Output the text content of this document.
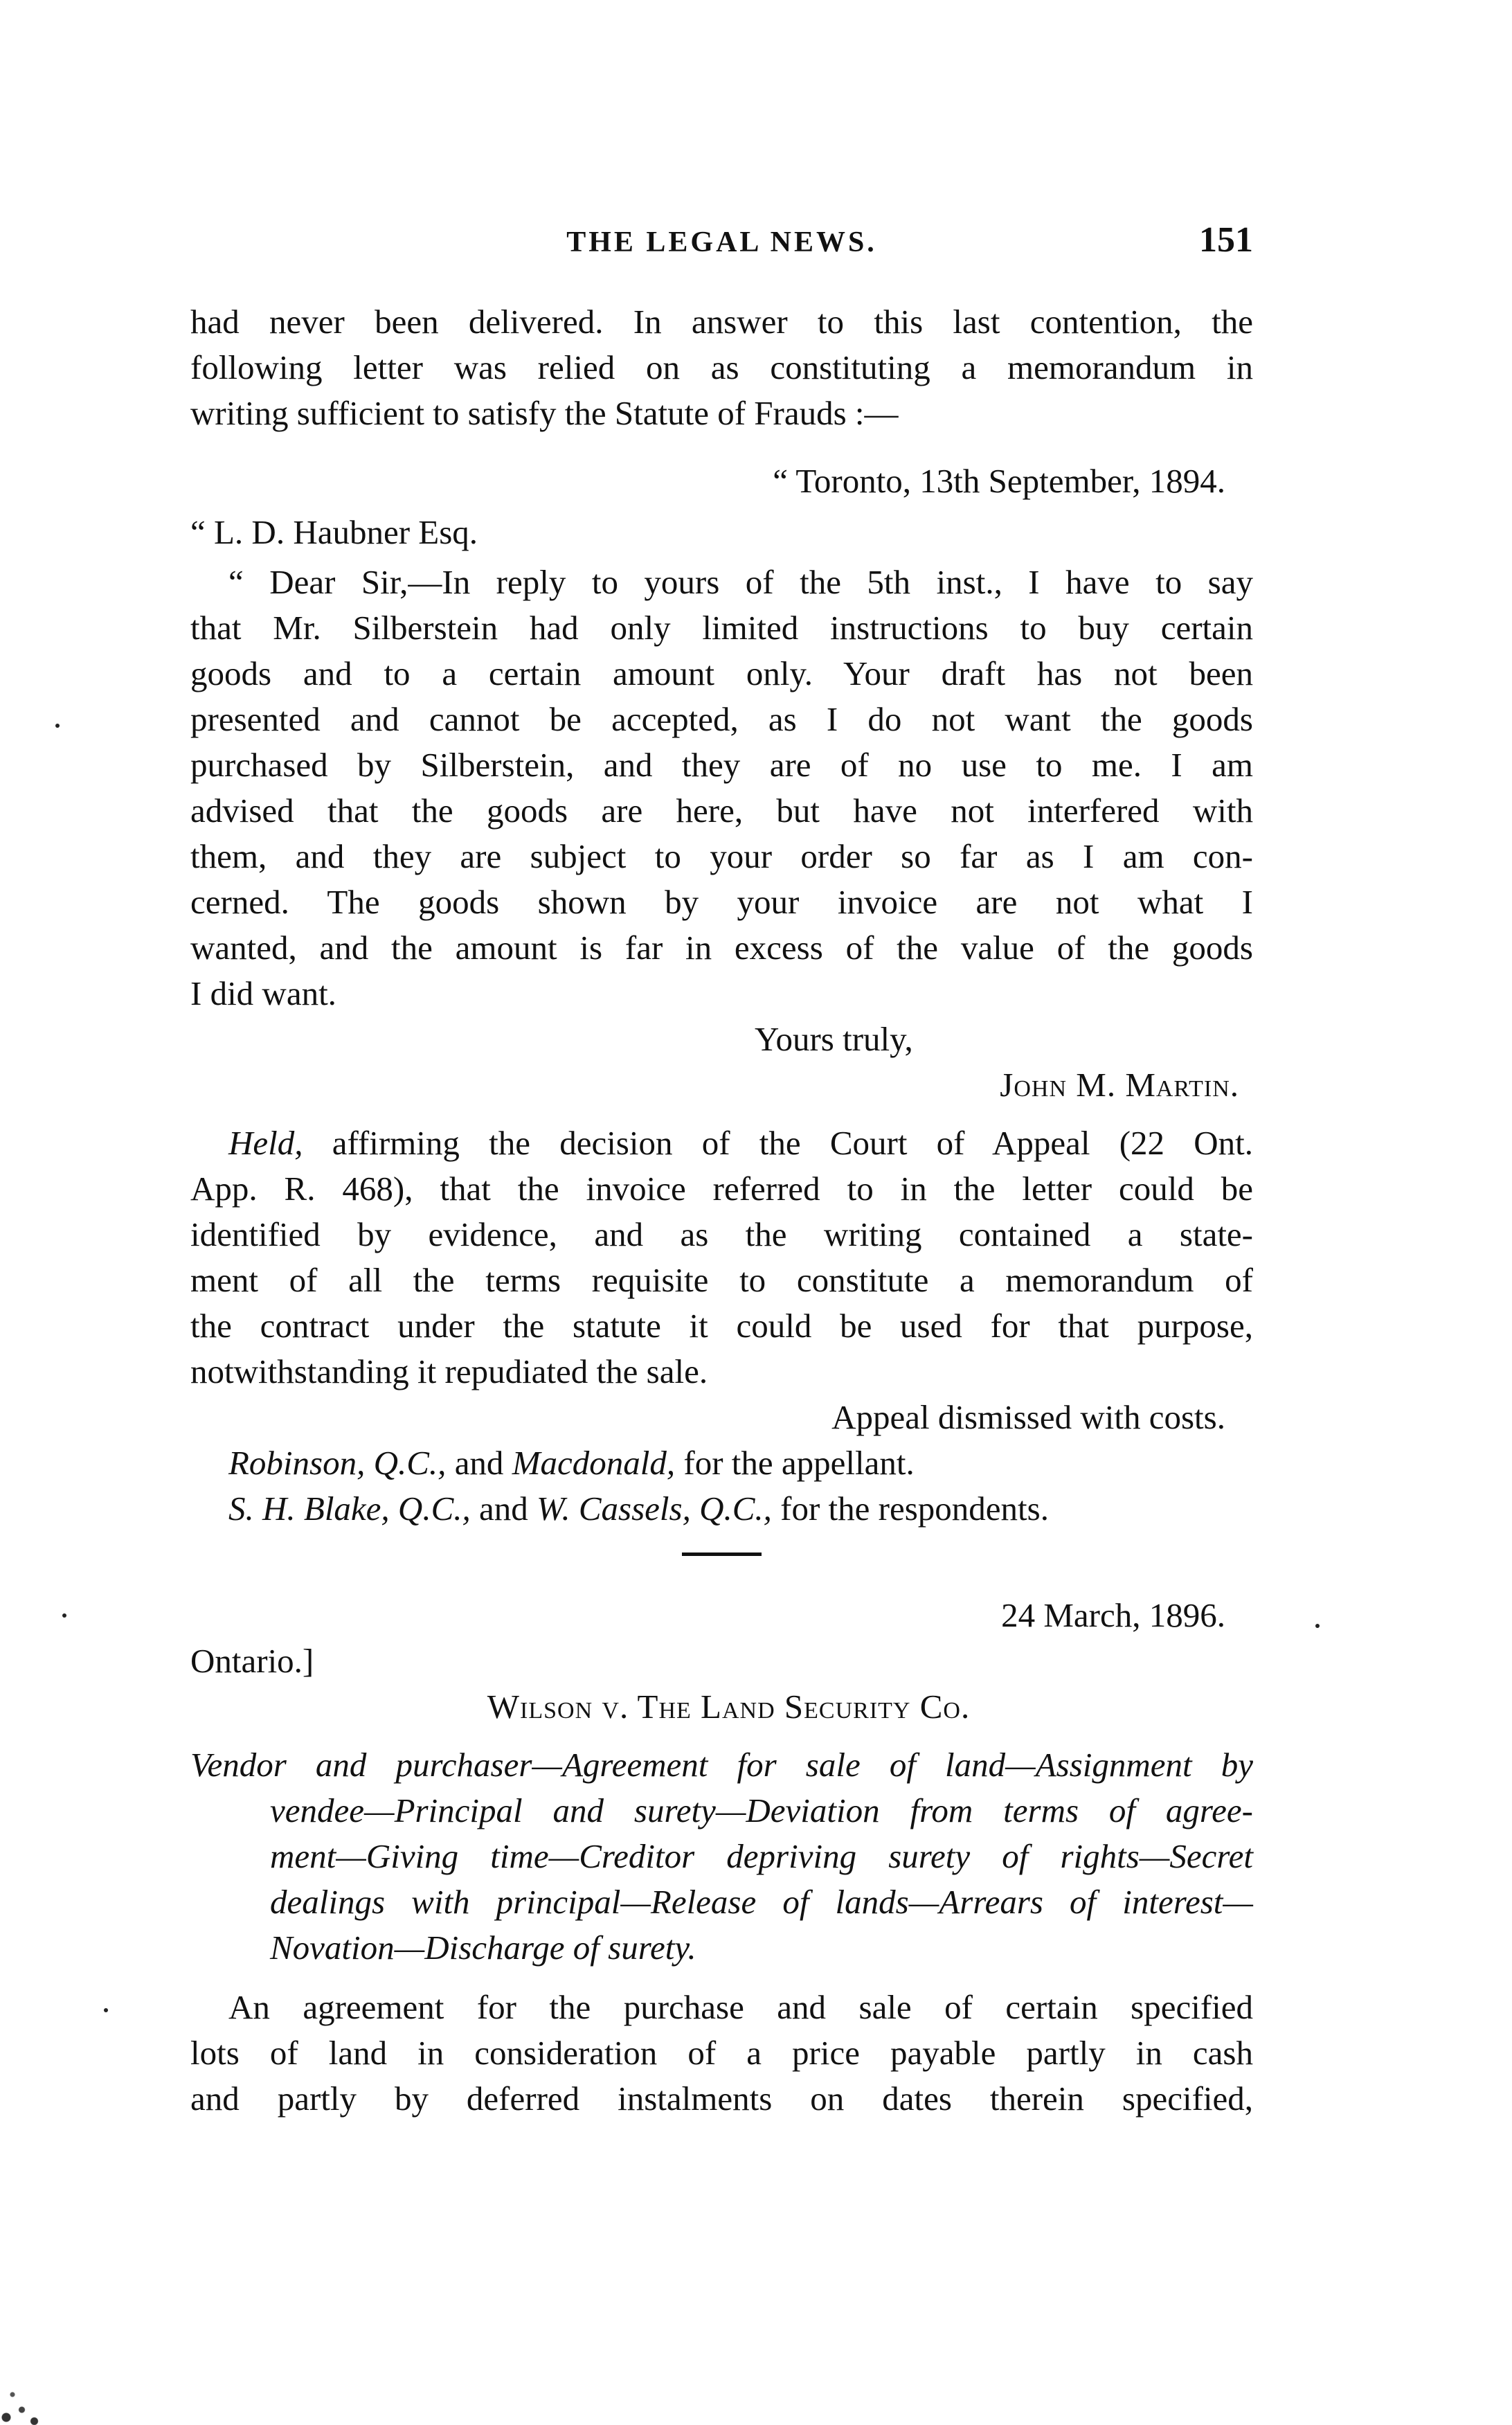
THE LEGAL NEWS.	151
had never been delivered. In answer to this last contention, the
following letter was relied on as constituting a memorandum in
writing sufficient to satisfy the Statute of Frauds :—
“ Toronto, 13th September, 1894.
“ L. D. Haubner Esq.
“ Dear Sir,—In reply to yours of the 5th inst., I have to say
that Mr. Silberstein had only limited instructions to buy certain
goods and to a certain amount only. Your draft has not been
presented and cannot be accepted, as I do not want the goods
purchased by Silberstein, and they are of no use to me. I am
advised that the goods are here, but have not interfered with
them, and they are subject to your order so far as I am con-
cerned. The goods shown by your invoice are not what I
wanted, and the amount is far in excess of the value of the goods
I did want.
Yours truly,
John M. Martin.
Held, affirming the decision of the Court of Appeal (22 Ont.
App. R. 468), that the invoice referred to in the letter could be
identified by evidence, and as the writing contained a state-
ment of all the terms requisite to constitute a memorandum of
the contract under the statute it could be used for that purpose,
notwithstanding it repudiated the sale.
Appeal dismissed with costs.
Robinson, Q.C., and Macdonald, for the appellant.
S. H. Blake, Q.C., and W. Cassels, Q.C., for the respondents.
24 March, 1896.
Ontario.]
Wilson v. The Land Security Co.
Vendor and purchaser—Agreement for sale of land—Assignment by
vendee—Principal and surety—Deviation from terms of agree-
ment—Giving time—Creditor depriving surety of rights—Secret
dealings with principal—Release of lands—Arrears of interest—
Novation—Discharge of surety.
An agreement for the purchase and sale of certain specified
lots of land in consideration of a price payable partly in cash
and partly by deferred instalments on dates therein specified,
